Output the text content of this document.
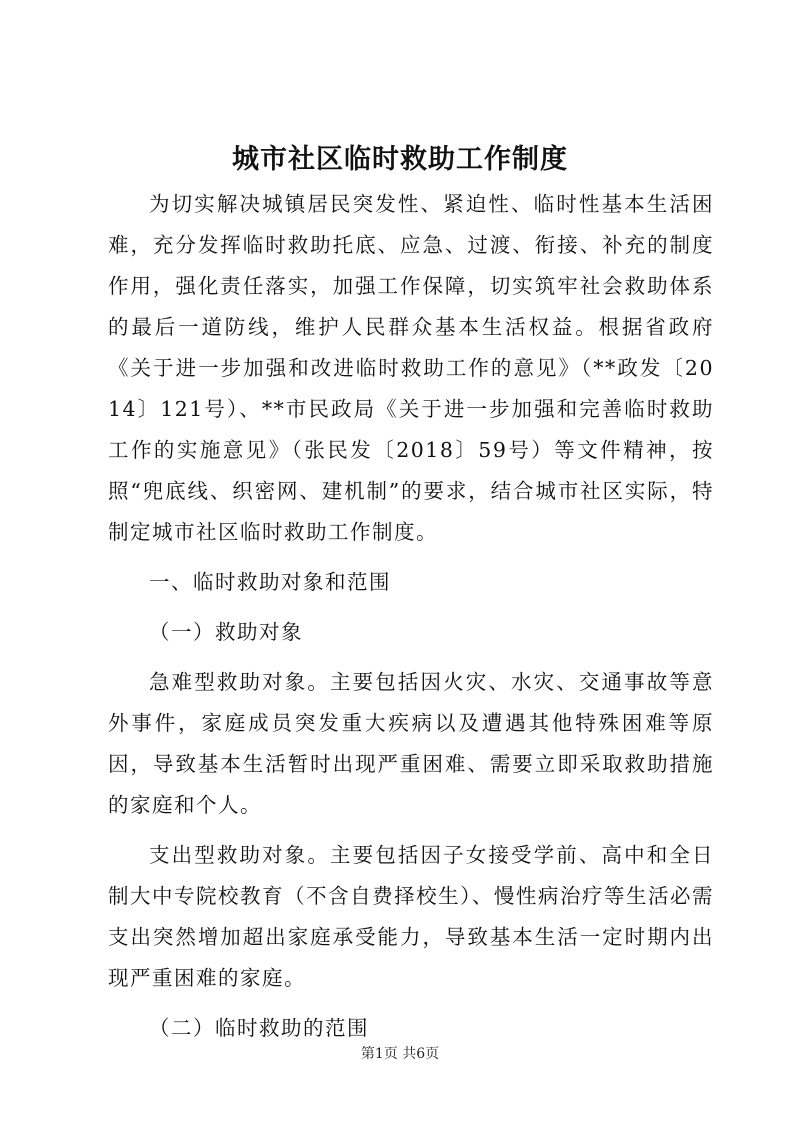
城市社区临时救助工作制度

为切实解决城镇居民突发性、紧迫性、临时性基本生活困难，充分发挥临时救助托底、应急、过渡、衔接、补充的制度作用，强化责任落实，加强工作保障，切实筑牢社会救助体系的最后一道防线，维护人民群众基本生活权益。根据省政府《关于进一步加强和改进临时救助工作的意见》（**政发〔2014〕121号）、**市民政局《关于进一步加强和完善临时救助工作的实施意见》（张民发〔2018〕59号）等文件精神，按照“兜底线、织密网、建机制”的要求，结合城市社区实际，特制定城市社区临时救助工作制度。

一、临时救助对象和范围

（一）救助对象

急难型救助对象。主要包括因火灾、水灾、交通事故等意外事件，家庭成员突发重大疾病以及遭遇其他特殊困难等原因，导致基本生活暂时出现严重困难、需要立即采取救助措施的家庭和个人。

支出型救助对象。主要包括因子女接受学前、高中和全日制大中专院校教育（不含自费择校生）、慢性病治疗等生活必需支出突然增加超出家庭承受能力，导致基本生活一定时期内出现严重困难的家庭。

（二）临时救助的范围

第1页 共6页
